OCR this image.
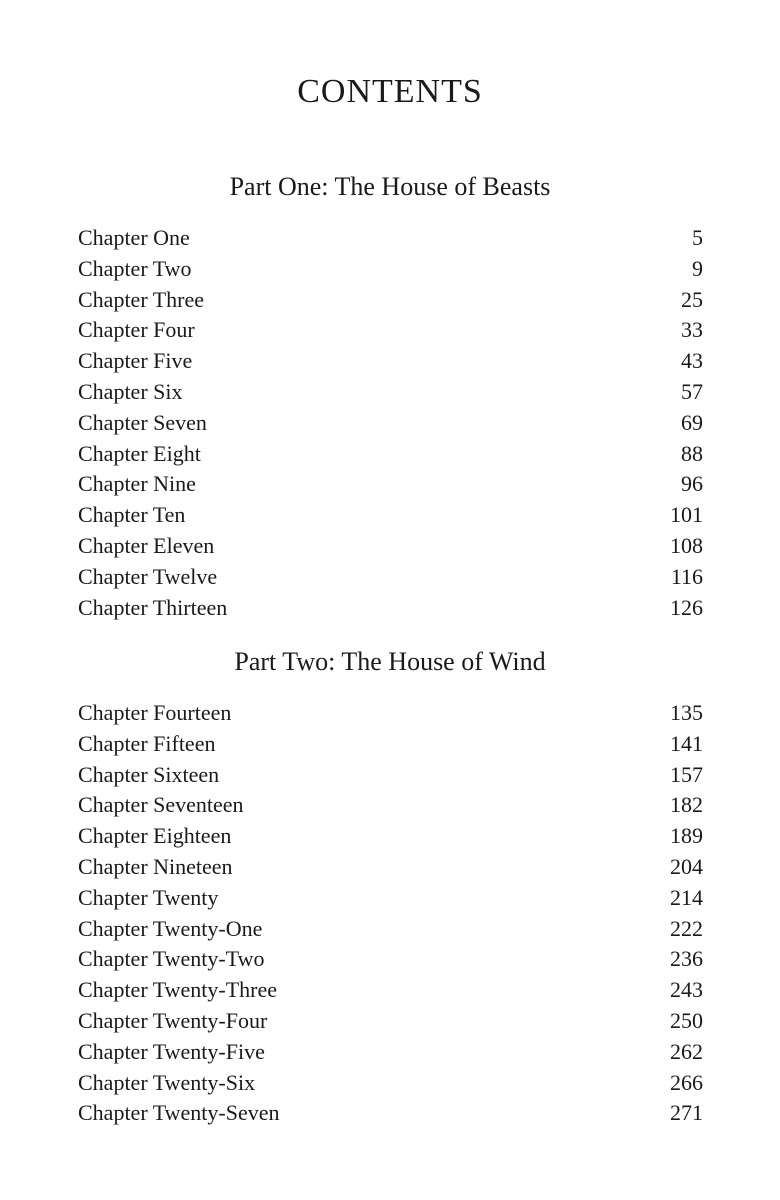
CONTENTS
Part One: The House of Beasts
Chapter One	5
Chapter Two	9
Chapter Three	25
Chapter Four	33
Chapter Five	43
Chapter Six	57
Chapter Seven	69
Chapter Eight	88
Chapter Nine	96
Chapter Ten	101
Chapter Eleven	108
Chapter Twelve	116
Chapter Thirteen	126
Part Two: The House of Wind
Chapter Fourteen	135
Chapter Fifteen	141
Chapter Sixteen	157
Chapter Seventeen	182
Chapter Eighteen	189
Chapter Nineteen	204
Chapter Twenty	214
Chapter Twenty-One	222
Chapter Twenty-Two	236
Chapter Twenty-Three	243
Chapter Twenty-Four	250
Chapter Twenty-Five	262
Chapter Twenty-Six	266
Chapter Twenty-Seven	271
